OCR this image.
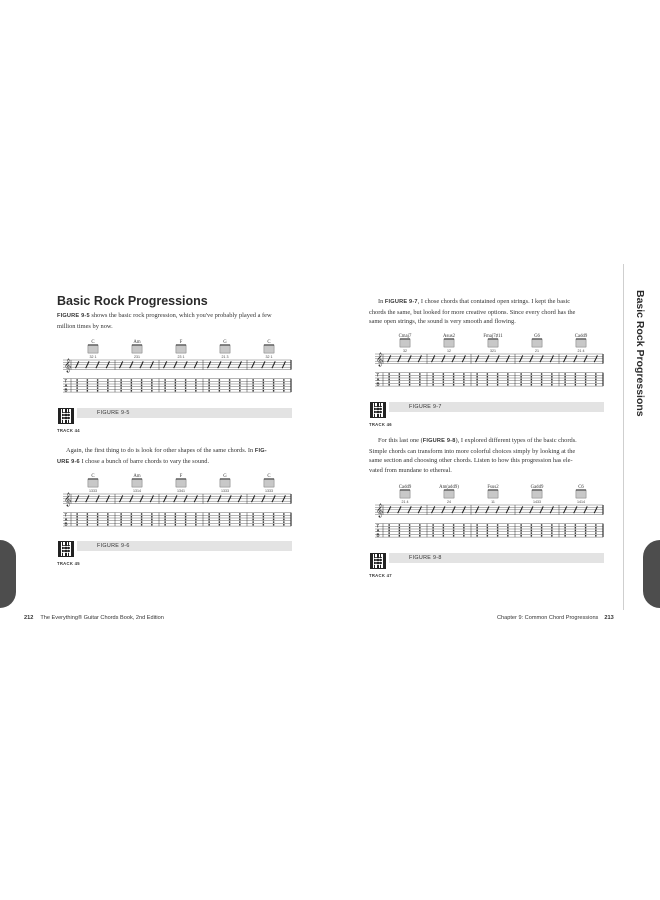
Basic Rock Progressions
Basic Rock Progressions
FIGURE 9-5 shows the basic rock progression, which you've probably played a few
million times by now.
C
32 1
Am
231
F
23 1
G
21 3
C
32 1
𝄞
T
A
B
TRACK 44
FIGURE 9-5
Again, the first thing to do is look for other shapes of the same chords. In FIG-
URE 9-6 I chose a bunch of barre chords to vary the sound.
C
1333
Am
1314
F
1341
G
1333
C
1333
𝄞
T
A
B
TRACK 45
FIGURE 9-6
212 The Everything® Guitar Chords Book, 2nd Edition
In FIGURE 9-7, I chose chords that contained open strings. I kept the basic
chords the same, but looked for more creative options. Since every chord has the
same open strings, the sound is very smooth and flowing.
Cmaj7
32
Asus2
12
Fmaj7♯11
321
G6
21
Cadd9
21 4
𝄞
T
A
B
TRACK 46
FIGURE 9-7
For this last one (FIGURE 9-8), I explored different types of the basic chords.
Simple chords can transform into more colorful choices simply by looking at the
same section and choosing other chords. Listen to how this progression has ele-
vated from mundane to ethereal.
Cadd9
21 4
Am(add9)
24
Fsus2
11
Gadd9
1433
C6
1414
𝄞
T
A
B
TRACK 47
FIGURE 9-8
Chapter 9: Common Chord Progressions 213
